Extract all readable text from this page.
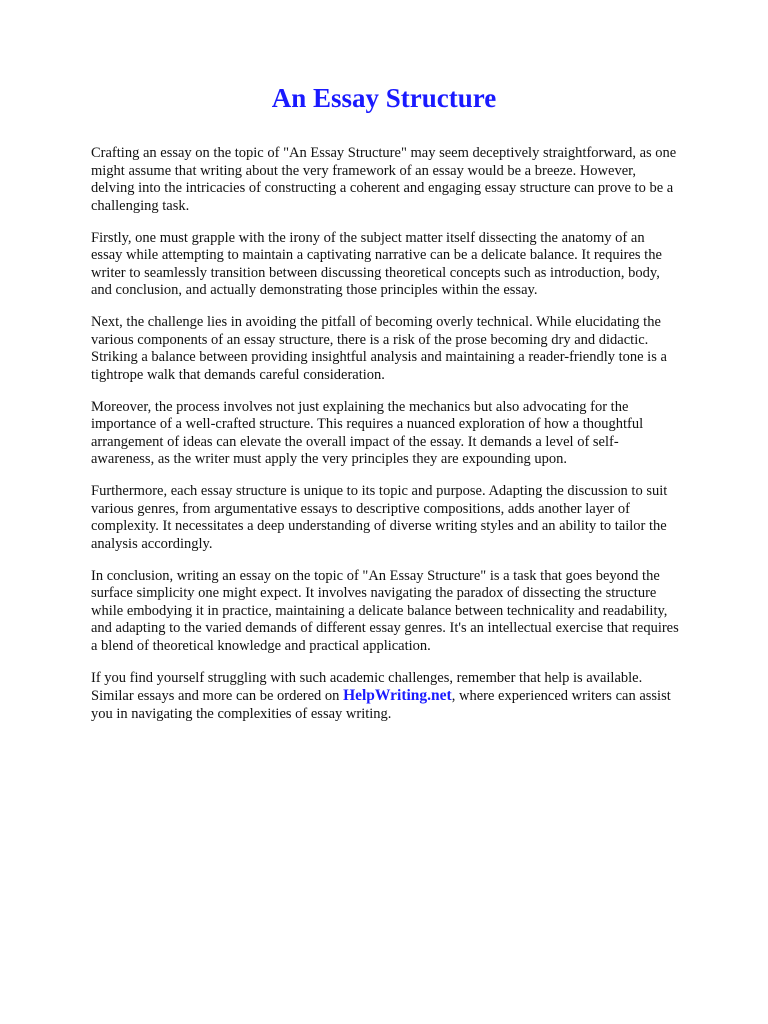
An Essay Structure

Crafting an essay on the topic of "An Essay Structure" may seem deceptively straightforward, as one
might assume that writing about the very framework of an essay would be a breeze. However,
delving into the intricacies of constructing a coherent and engaging essay structure can prove to be a
challenging task.

Firstly, one must grapple with the irony of the subject matter itself dissecting the anatomy of an
essay while attempting to maintain a captivating narrative can be a delicate balance. It requires the
writer to seamlessly transition between discussing theoretical concepts such as introduction, body,
and conclusion, and actually demonstrating those principles within the essay.

Next, the challenge lies in avoiding the pitfall of becoming overly technical. While elucidating the
various components of an essay structure, there is a risk of the prose becoming dry and didactic.
Striking a balance between providing insightful analysis and maintaining a reader-friendly tone is a
tightrope walk that demands careful consideration.

Moreover, the process involves not just explaining the mechanics but also advocating for the
importance of a well-crafted structure. This requires a nuanced exploration of how a thoughtful
arrangement of ideas can elevate the overall impact of the essay. It demands a level of self-
awareness, as the writer must apply the very principles they are expounding upon.

Furthermore, each essay structure is unique to its topic and purpose. Adapting the discussion to suit
various genres, from argumentative essays to descriptive compositions, adds another layer of
complexity. It necessitates a deep understanding of diverse writing styles and an ability to tailor the
analysis accordingly.

In conclusion, writing an essay on the topic of "An Essay Structure" is a task that goes beyond the
surface simplicity one might expect. It involves navigating the paradox of dissecting the structure
while embodying it in practice, maintaining a delicate balance between technicality and readability,
and adapting to the varied demands of different essay genres. It's an intellectual exercise that requires
a blend of theoretical knowledge and practical application.

If you find yourself struggling with such academic challenges, remember that help is available.
Similar essays and more can be ordered on HelpWriting.net, where experienced writers can assist
you in navigating the complexities of essay writing.
